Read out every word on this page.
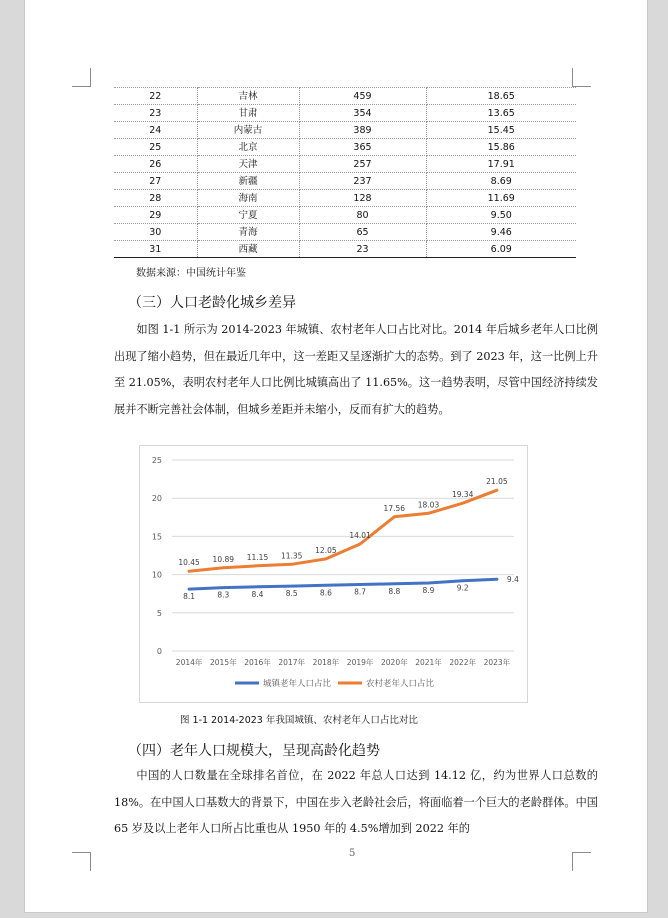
22	吉林	459	18.65
23	甘肃	354	13.65
24	内蒙古	389	15.45
25	北京	365	15.86
26	天津	257	17.91
27	新疆	237	8.69
28	海南	128	11.69
29	宁夏	80	9.50
30	青海	65	9.46
31	西藏	23	6.09
数据来源：中国统计年鉴
（三）人口老龄化城乡差异

如图 1-1 所示为 2014-2023 年城镇、农村老年人口占比对比。2014 年后城乡老年人口比例出现了缩小趋势，但在最近几年中，这一差距又呈逐渐扩大的态势。到了 2023 年，这一比例上升至 21.05%，表明农村老年人口比例比城镇高出了 11.65%。这一趋势表明，尽管中国经济持续发展并不断完善社会体制，但城乡差距并未缩小，反而有扩大的趋势。

0
5
10
15
20
25
2014年 2015年 2016年 2017年 2018年 2019年 2020年 2021年 2022年 2023年
8.1	8.3	8.4	8.5	8.6	8.7	8.8	8.9	9.2
9.4
10.45 10.89 11.15 11.35
12.05
14.01
17.56 18.03
19.34
21.05
城镇老年人口占比	农村老年人口占比
图 1-1 2014-2023 年我国城镇、农村老年人口占比对比
（四）老年人口规模大，呈现高龄化趋势

中国的人口数量在全球排名首位，在 2022 年总人口达到 14.12 亿，约为世界人口总数的 18%。在中国人口基数大的背景下，中国在步入老龄社会后，将面临着一个巨大的老龄群体。中国 65 岁及以上老年人口所占比重也从 1950 年的 4.5%增加到 2022 年的

5
